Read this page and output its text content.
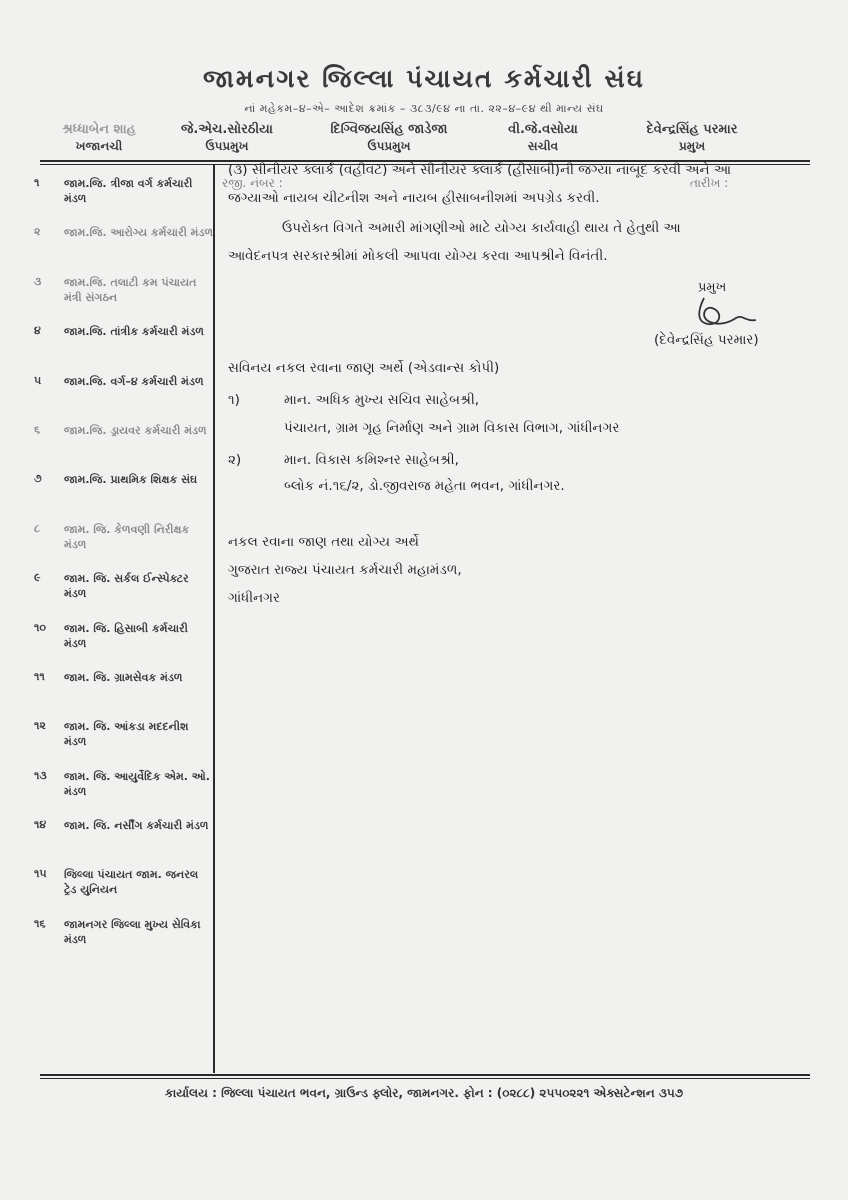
જામનગર જિલ્લા પંચાયત કર્મચારી સંઘ
નાં મહેકમ–૪–એ– આદેશ ક્રમાંક – ૩૮૩/૯૪ ના તા. ૨૨–૪–૯૪ થી માન્ય સંઘ
શ્રધ્ધાબેન શાહ
ખજાનચી
જે.એચ.સોરઠીયા
ઉપપ્રમુખ
દિગ્વિજયસિંહ જાડેજા
ઉપપ્રમુખ
વી.જે.વસોયા
સચીવ
દેવેન્દ્રસિંહ પરમાર
પ્રમુખ
૧	જામ.જિ. ત્રીજા વર્ગ કર્મચારી મંડળ
૨	જામ.જિ. આરોગ્ય કર્મચારી મંડળ
૩	જામ.જિ. તલાટી કમ પંચાયત મંત્રી સંગઠન
૪	જામ.જિ. તાંત્રીક કર્મચારી મંડળ
૫	જામ.જિ. વર્ગ–૪ કર્મચારી મંડળ
૬	જામ.જિ. ડ્રાયવર કર્મચારી મંડળ
૭	જામ.જિ. પ્રાથમિક શિક્ષક સંઘ
૮	જામ. જિ. કેળવણી નિરીક્ષક મંડળ
૯	જામ. જિ. સર્કલ ઈન્સ્પેક્ટર મંડળ
૧૦	જામ. જિ. હિસાબી કર્મચારી મંડળ
૧૧	જામ. જિ. ગ્રામસેવક મંડળ
૧૨	જામ. જિ. આંકડા મદદનીશ મંડળ
૧૩	જામ. જિ. આયુર્વેદિક એમ. ઓ. મંડળ
૧૪	જામ. જિ. નર્સીંગ કર્મચારી મંડળ
૧૫	જિલ્લા પંચાયત જામ. જનરલ ટ્રેડ યુનિયન
૧૬	જામનગર જિલ્લા મુખ્ય સેવિકા મંડળ
રજી. નંબર :	તારીખ :
(૩) સીનીયર ક્લાર્ક (વહીવટ) અને સીનીયર ક્લાર્ક (હીસાબી)ની જગ્યા નાબૂદ કરવી અને આ
જગ્યાઓ નાયબ ચીટનીશ અને નાયબ હીસાબનીશમાં અપગ્રેડ કરવી.
ઉપરોક્ત વિગતે અમારી માંગણીઓ માટે યોગ્ય કાર્યવાહી થાય તે હેતુથી આ
આવેદનપત્ર સરકારશ્રીમાં મોકલી આપવા યોગ્ય કરવા આપશ્રીને વિનંતી.
પ્રમુખ
(દેવેન્દ્રસિંહ પરમાર)
સવિનય નકલ રવાના જાણ અર્થે (એડવાન્સ કોપી)
૧)	માન. અધિક મુખ્ય સચિવ સાહેબશ્રી,
પંચાયત, ગ્રામ ગૃહ નિર્માણ અને ગ્રામ વિકાસ વિભાગ, ગાંધીનગર
૨)	માન. વિકાસ કમિશ્નર સાહેબશ્રી,
બ્લોક નં.૧૬/૨, ડો.જીવરાજ મહેતા ભવન, ગાંધીનગર.
નકલ રવાના જાણ તથા યોગ્ય અર્થે
ગુજરાત રાજ્ય પંચાયત કર્મચારી મહામંડળ,
ગાંધીનગર
કાર્યાલય : જિલ્લા પંચાયત ભવન, ગ્રાઉન્ડ ફ્લોર, જામનગર. ફોન : (૦૨૮૮) ૨૫૫૦૨૨૧ એક્સટેન્શન ૩૫૭
